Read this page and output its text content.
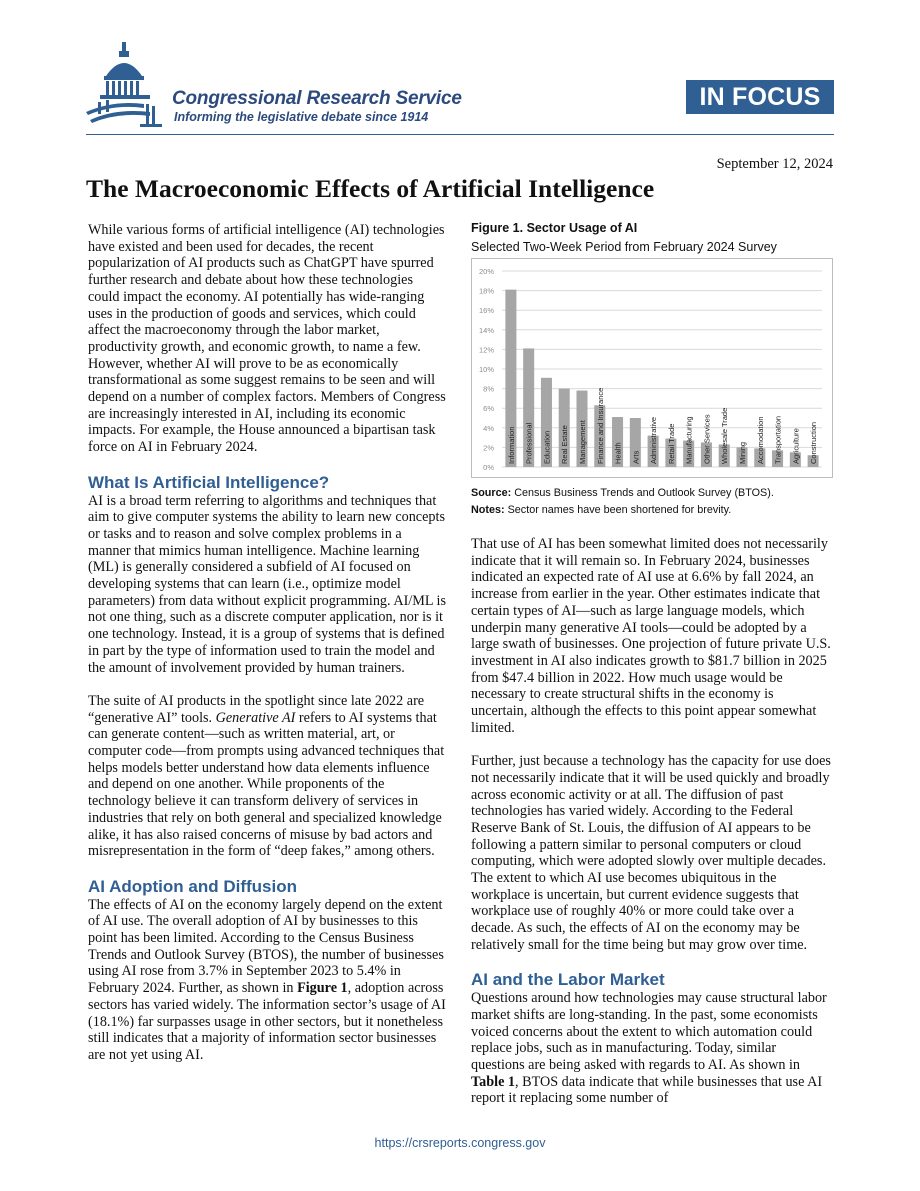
Congressional Research Service
Informing the legislative debate since 1914
IN FOCUS
September 12, 2024
The Macroeconomic Effects of Artificial Intelligence

While various forms of artificial intelligence (AI) technologies have existed and been used for decades, the recent popularization of AI products such as ChatGPT have spurred further research and debate about how these technologies could impact the economy. AI potentially has wide-ranging uses in the production of goods and services, which could affect the macroeconomy through the labor market, productivity growth, and economic growth, to name a few. However, whether AI will prove to be as economically transformational as some suggest remains to be seen and will depend on a number of complex factors. Members of Congress are increasingly interested in AI, including its economic impacts. For example, the House announced a bipartisan task force on AI in February 2024.

What Is Artificial Intelligence?

AI is a broad term referring to algorithms and techniques that aim to give computer systems the ability to learn new concepts or tasks and to reason and solve complex problems in a manner that mimics human intelligence. Machine learning (ML) is generally considered a subfield of AI focused on developing systems that can learn (i.e., optimize model parameters) from data without explicit programming. AI/ML is not one thing, such as a discrete computer application, nor is it one technology. Instead, it is a group of systems that is defined in part by the type of information used to train the model and the amount of involvement provided by human trainers.

The suite of AI products in the spotlight since late 2022 are “generative AI” tools. Generative AI refers to AI systems that can generate content—such as written material, art, or computer code—from prompts using advanced techniques that helps models better understand how data elements influence and depend on one another. While proponents of the technology believe it can transform delivery of services in industries that rely on both general and specialized knowledge alike, it has also raised concerns of misuse by bad actors and misrepresentation in the form of “deep fakes,” among others.

AI Adoption and Diffusion

The effects of AI on the economy largely depend on the extent of AI use. The overall adoption of AI by businesses to this point has been limited. According to the Census Business Trends and Outlook Survey (BTOS), the number of businesses using AI rose from 3.7% in September 2023 to 5.4% in February 2024. Further, as shown in Figure 1, adoption across sectors has varied widely. The information sector’s usage of AI (18.1%) far surpasses usage in other sectors, but it nonetheless still indicates that a majority of information sector businesses are not yet using AI.

Figure 1. Sector Usage of AI
Selected Two-Week Period from February 2024 Survey
0%
2%
4%
6%
8%
10%
12%
14%
16%
18%
20%
Information Professional Education Real Estate Management Finance and Insurance Health Arts Administrative Retail Trade Manufacturing Other Services Wholesale Trade Mining Accomodation Transportation Agriculture Construction
Source: Census Business Trends and Outlook Survey (BTOS).
Notes: Sector names have been shortened for brevity.

That use of AI has been somewhat limited does not necessarily indicate that it will remain so. In February 2024, businesses indicated an expected rate of AI use at 6.6% by fall 2024, an increase from earlier in the year. Other estimates indicate that certain types of AI—such as large language models, which underpin many generative AI tools—could be adopted by a large swath of businesses. One projection of future private U.S. investment in AI also indicates growth to $81.7 billion in 2025 from $47.4 billion in 2022. How much usage would be necessary to create structural shifts in the economy is uncertain, although the effects to this point appear somewhat limited.

Further, just because a technology has the capacity for use does not necessarily indicate that it will be used quickly and broadly across economic activity or at all. The diffusion of past technologies has varied widely. According to the Federal Reserve Bank of St. Louis, the diffusion of AI appears to be following a pattern similar to personal computers or cloud computing, which were adopted slowly over multiple decades. The extent to which AI use becomes ubiquitous in the workplace is uncertain, but current evidence suggests that workplace use of roughly 40% or more could take over a decade. As such, the effects of AI on the economy may be relatively small for the time being but may grow over time.

AI and the Labor Market

Questions around how technologies may cause structural labor market shifts are long-standing. In the past, some economists voiced concerns about the extent to which automation could replace jobs, such as in manufacturing. Today, similar questions are being asked with regards to AI. As shown in Table 1, BTOS data indicate that while businesses that use AI report it replacing some number of

https://crsreports.congress.gov
